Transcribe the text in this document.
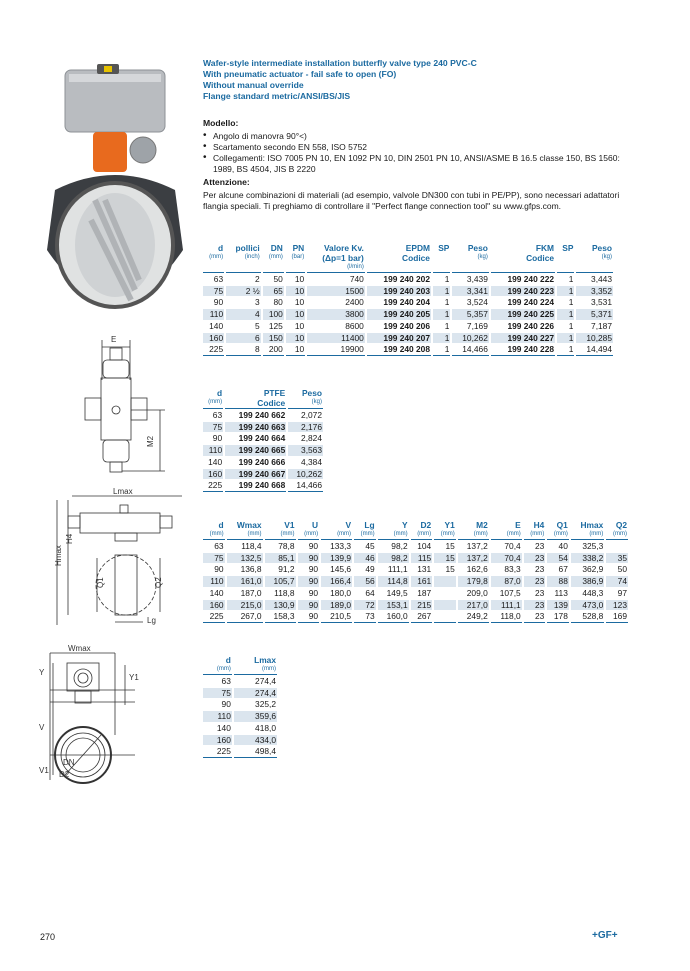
Wafer-style intermediate installation butterfly valve type 240 PVC-C
With pneumatic actuator - fail safe to open (FO)
Without manual override
Flange standard metric/ANSI/BS/JIS
Modello:
• Angolo di manovra 90°<)
• Scartamento secondo EN 558, ISO 5752
• Collegamenti: ISO 7005 PN 10, EN 1092 PN 10, DIN 2501 PN 10, ANSI/ASME B 16.5 classe 150, BS 1560: 1989, BS 4504, JIS B 2220
Attenzione:

Per alcune combinazioni di materiali (ad esempio, valvole DN300 con tubi in PE/PP), sono necessari adattatori flangia speciali. Ti preghiamo di controllare il "Perfect flange connection tool" su www.gfps.com.

d
(mm)	pollici
(inch)	DN
(mm)	PN
(bar)	Valore Kv.
(Δp=1 bar)
(l/min)	EPDM
Codice	SP	Peso
(kg)	FKM
Codice	SP	Peso
(kg)

63	2	50	10	740	199 240 202	1	3,439	199 240 222	1	3,443
75	2 ½	65	10	1500	199 240 203	1	3,341	199 240 223	1	3,352
90	3	80	10	2400	199 240 204	1	3,524	199 240 224	1	3,531
110	4	100	10	3800	199 240 205	1	5,357	199 240 225	1	5,371
140	5	125	10	8600	199 240 206	1	7,169	199 240 226	1	7,187
160	6	150	10	11400	199 240 207	1	10,262	199 240 227	1	10,285
225	8	200	10	19900	199 240 208	1	14,466	199 240 228	1	14,494
d
(mm)	PTFE
Codice	Peso
(kg)

63	199 240 662	2,072
75	199 240 663	2,176
90	199 240 664	2,824
110	199 240 665	3,563
140	199 240 666	4,384
160	199 240 667	10,262
225	199 240 668	14,466
d
(mm)	Wmax
(mm)	V1
(mm)	U
(mm)	V
(mm)	Lg
(mm)	Y
(mm)	D2
(mm)	Y1
(mm)	M2
(mm)	E
(mm)	H4
(mm)	Q1
(mm)	Hmax
(mm)	Q2
(mm)

63	118,4	78,8	90	133,3	45	98,2	104	15	137,2	70,4	23	40	325,3	
75	132,5	85,1	90	139,9	46	98,2	115	15	137,2	70,4	23	54	338,2	35
90	136,8	91,2	90	145,6	49	111,1	131	15	162,6	83,3	23	67	362,9	50
110	161,0	105,7	90	166,4	56	114,8	161		179,8	87,0	23	88	386,9	74
140	187,0	118,8	90	180,0	64	149,5	187		209,0	107,5	23	113	448,3	97
160	215,0	130,9	90	189,0	72	153,1	215		217,0	111,1	23	139	473,0	123
225	267,0	158,3	90	210,5	73	160,0	267		249,2	118,0	23	178	528,8	169
d
(mm)	Lmax
(mm)

63	274,4
75	274,4
90	325,2
110	359,6
140	418,0
160	434,0
225	498,4
E
M2
Lmax
Hmax
H4
Q1	Q2
Lg
Wmax
Y
Y1
V
V1
DN
D2
270	+GF+
